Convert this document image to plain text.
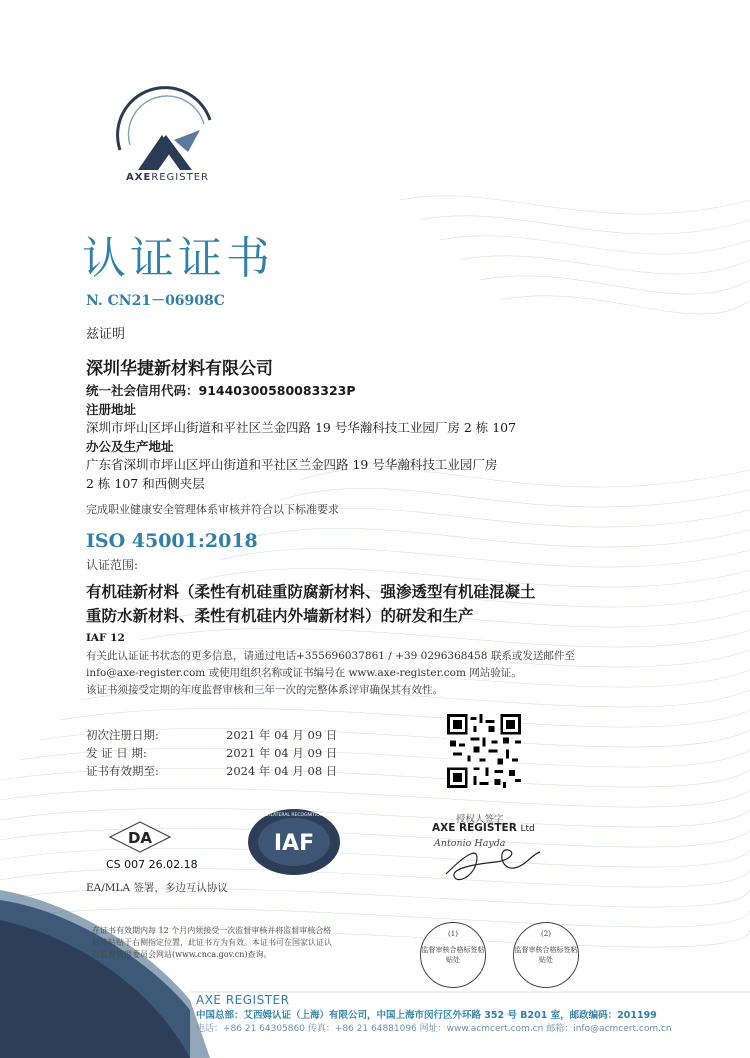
AXEREGISTER
认证证书
N. CN21－06908C
兹证明
深圳华捷新材料有限公司
统一社会信用代码：91440300580083323P
注册地址
深圳市坪山区坪山街道和平社区兰金四路 19 号华瀚科技工业园厂房 2 栋 107
办公及生产地址
广东省深圳市坪山区坪山街道和平社区兰金四路 19 号华瀚科技工业园厂房
2 栋 107 和西侧夹层
完成职业健康安全管理体系审核并符合以下标准要求
ISO 45001:2018
认证范围:
有机硅新材料（柔性有机硅重防腐新材料、强渗透型有机硅混凝土
重防水新材料、柔性有机硅内外墙新材料）的研发和生产
IAF 12
有关此认证证书状态的更多信息，请通过电话+355696037861 / +39 0296368458 联系或发送邮件至
info@axe-register.com 或使用组织名称或证书编号在 www.axe-register.com 网站验证。
该证书须接受定期的年度监督审核和三年一次的完整体系评审确保其有效性。
初次注册日期:	2021 年 04 月 09 日
发 证 日 期:	2021 年 04 月 09 日
证书有效期至:	2024 年 04 月 08 日
授权人签字
AXE REGISTER Ltd
Antonio Hayda
DA
CS 007 26.02.18
IAF
MEMBER OF MULTILATERAL RECOGNITION ARRANGEMENT
EA/MLA 签署，多边互认协议
在证书有效期内每 12 个月内须接受一次监督审核并将监督审核合格标签粘贴于右侧指定位置，此证书方为有效。本证书可在国家认证认可监督管理委员会网站(www.cnca.gov.cn)查询。
(1)
监督审核合格标签粘贴处
(2)
监督审核合格标签粘贴处
AXE REGISTER
中国总部：艾西姆认证（上海）有限公司，中国上海市闵行区外环路 352 号 B201 室，邮政编码：201199
电话：+86 21 64305860 传真：+86 21 64881096 网址：www.acmcert.com.cn 邮箱：info@acmcert.com.cn
